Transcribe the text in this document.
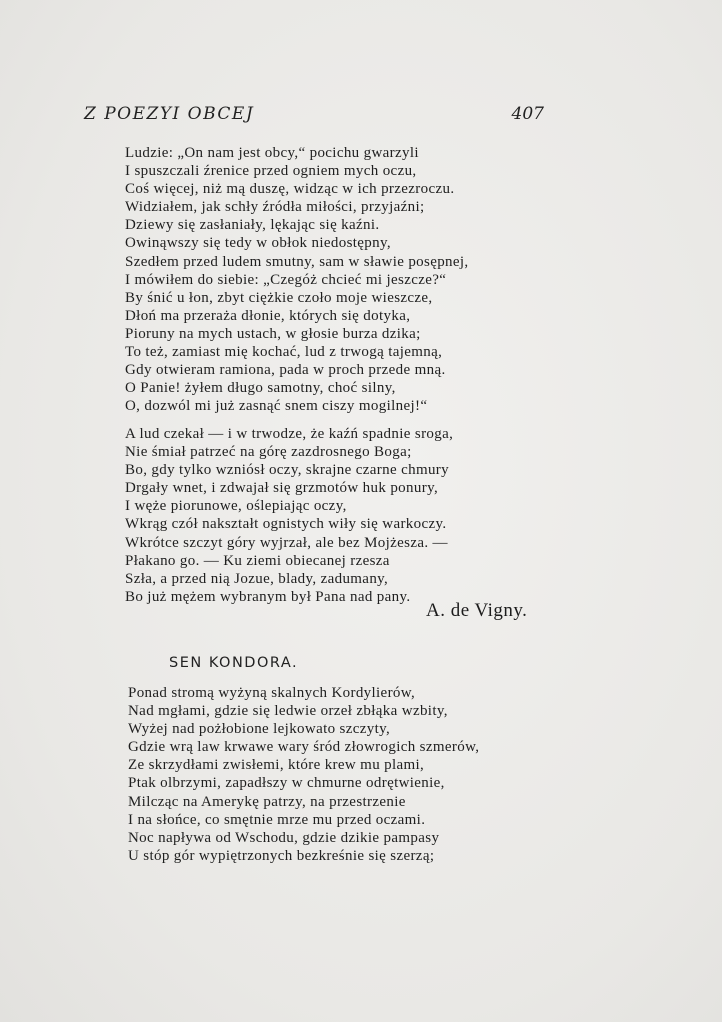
Z POEZYI OBCEJ	407
Ludzie: „On nam jest obcy,“ pocichu gwarzyli
I spuszczali źrenice przed ogniem mych oczu,
Coś więcej, niż mą duszę, widząc w ich przezroczu.
Widziałem, jak schły źródła miłości, przyjaźni;
Dziewy się zasłaniały, lękając się kaźni.
Owinąwszy się tedy w obłok niedostępny,
Szedłem przed ludem smutny, sam w sławie posępnej,
I mówiłem do siebie: „Czegóż chcieć mi jeszcze?“
By śnić u łon, zbyt ciężkie czoło moje wieszcze,
Dłoń ma przeraża dłonie, których się dotyka,
Pioruny na mych ustach, w głosie burza dzika;
To też, zamiast mię kochać, lud z trwogą tajemną,
Gdy otwieram ramiona, pada w proch przede mną.
O Panie! żyłem długo samotny, choć silny,
O, dozwól mi już zasnąć snem ciszy mogilnej!“
A lud czekał — i w trwodze, że kaźń spadnie sroga,
Nie śmiał patrzeć na górę zazdrosnego Boga;
Bo, gdy tylko wzniósł oczy, skrajne czarne chmury
Drgały wnet, i zdwajał się grzmotów huk ponury,
I węże piorunowe, oślepiając oczy,
Wkrąg czół nakształt ognistych wiły się warkoczy.
Wkrótce szczyt góry wyjrzał, ale bez Mojżesza. —
Płakano go. — Ku ziemi obiecanej rzesza
Szła, a przed nią Jozue, blady, zadumany,
Bo już mężem wybranym był Pana nad pany.
A. de Vigny.
SEN KONDORA.
Ponad stromą wyżyną skalnych Kordylierów,
Nad mgłami, gdzie się ledwie orzeł zbłąka wzbity,
Wyżej nad pożłobione lejkowato szczyty,
Gdzie wrą law krwawe wary śród złowrogich szmerów,
Ze skrzydłami zwisłemi, które krew mu plami,
Ptak olbrzymi, zapadłszy w chmurne odrętwienie,
Milcząc na Amerykę patrzy, na przestrzenie
I na słońce, co smętnie mrze mu przed oczami.
Noc napływa od Wschodu, gdzie dzikie pampasy
U stóp gór wypiętrzonych bezkreśnie się szerzą;
